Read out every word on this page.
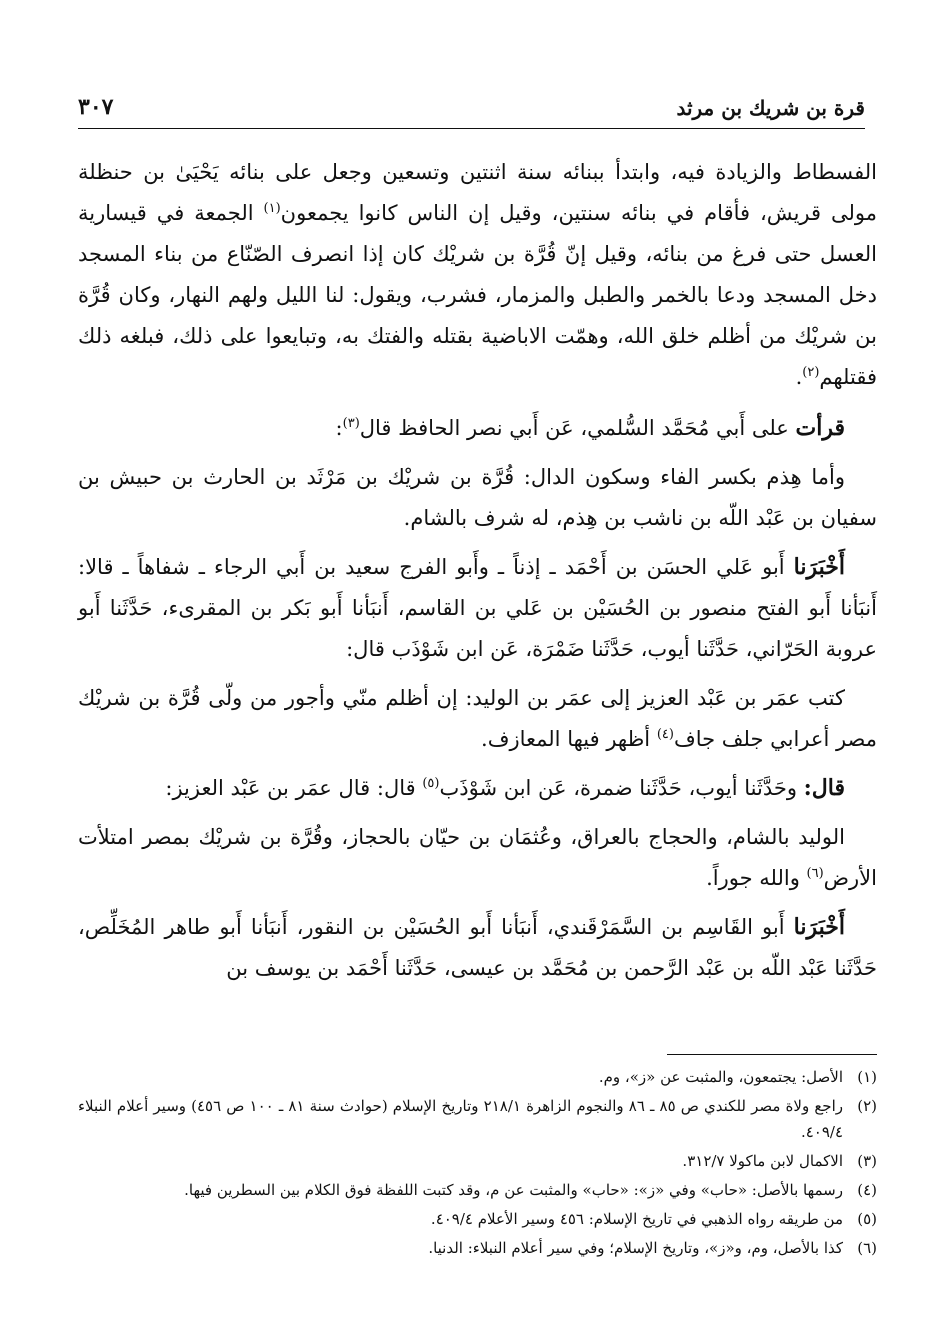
قرة بن شريك بن مرثد
٣٠٧

الفسطاط والزيادة فيه، وابتدأ ببنائه سنة اثنتين وتسعين وجعل على بنائه يَحْيَىٰ بن حنظلة مولى قريش، فأقام في بنائه سنتين، وقيل إن الناس كانوا يجمعون$^{(١)}$ الجمعة في قيسارية العسل حتى فرغ من بنائه، وقيل إنّ قُرَّة بن شريْك كان إذا انصرف الصّنّاع من بناء المسجد دخل المسجد ودعا بالخمر والطبل والمزمار، فشرب، ويقول: لنا الليل ولهم النهار، وكان قُرَّة بن شريْك من أظلم خلق الله، وهمّت الاباضية بقتله والفتك به، وتبايعوا على ذلك، فبلغه ذلك فقتلهم$^{(٢)}$.

قرأت على أَبي مُحَمَّد السُّلمي، عَن أَبي نصر الحافظ قال$^{(٣)}$:

وأما هِذم بكسر الفاء وسكون الدال: قُرَّة بن شريْك بن مَرْثَد بن الحارث بن حبيش بن سفيان بن عَبْد اللّه بن ناشب بن هِذم، له شرف بالشام.

أَخْبَرَنا أَبو عَلي الحسَن بن أَحْمَد ـ إذناً ـ وأَبو الفرج سعيد بن أَبي الرجاء ـ شفاهاً ـ قالا: أَنبَأنا أَبو الفتح منصور بن الحُسَيْن بن عَلي بن القاسم، أَنبَأنا أَبو بَكر بن المقرىء، حَدَّثَنا أَبو عروبة الحَرّاني، حَدَّثَنا أيوب، حَدَّثَنا ضَمْرَة، عَن ابن شَوْذَب قال:

كتب عمَر بن عَبْد العزيز إلى عمَر بن الوليد: إن أظلم منّي وأجور من ولّى قُرَّة بن شريْك مصر أعرابي جلف جاف$^{(٤)}$ أظهر فيها المعازف.

قال: وحَدَّثَنا أيوب، حَدَّثَنا ضمرة، عَن ابن شَوْذَب$^{(٥)}$ قال: قال عمَر بن عَبْد العزيز:

الوليد بالشام، والحجاج بالعراق، وعُثمَان بن حيّان بالحجاز، وقُرَّة بن شريْك بمصر امتلأت الأرض$^{(٦)}$ والله جوراً.

أَخْبَرَنا أَبو القَاسِم بن السَّمَرْقَندي، أَنبَأنا أَبو الحُسَيْن بن النقور، أَنبَأنا أَبو طاهر المُخَلِّص، حَدَّثَنا عَبْد اللّه بن عَبْد الرَّحمن بن مُحَمَّد بن عيسى، حَدَّثَنا أَحْمَد بن يوسف بن

(١)
الأصل: يجتمعون، والمثبت عن «ز»، وم.
(٢)
راجع ولاة مصر للكندي ص ٨٥ ـ ٨٦ والنجوم الزاهرة ٢١٨/١ وتاريخ الإسلام (حوادث سنة ٨١ ـ ١٠٠ ص ٤٥٦) وسير أعلام النبلاء ٤٠٩/٤.
(٣)
الاكمال لابن ماكولا ٣١٢/٧.
(٤)
رسمها بالأصل: «حاب» وفي «ز»: «حاب» والمثبت عن م، وقد كتبت اللفظة فوق الكلام بين السطرين فيها.
(٥)
من طريقه رواه الذهبي في تاريخ الإسلام: ٤٥٦ وسير الأعلام ٤٠٩/٤.
(٦)
كذا بالأصل، وم، و«ز»، وتاريخ الإسلام؛ وفي سير أعلام النبلاء: الدنيا.
